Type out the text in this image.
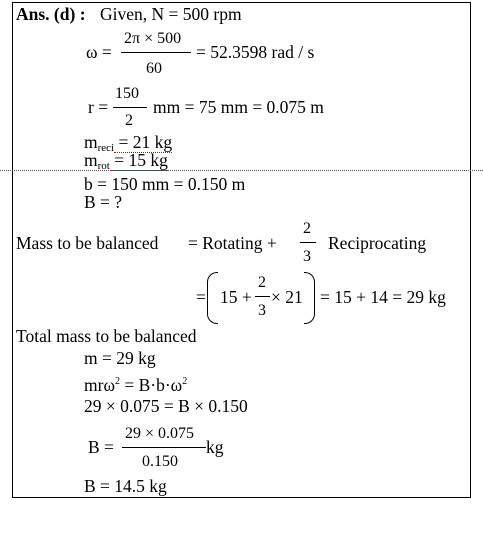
Ans. (d) : Given, N = 500 rpm
ω =
2π × 500
60
= 52.3598 rad / s
r =
150
2
mm = 75 mm = 0.075 m
$m_{reci} = 21$ kg
$m_{rot} = 15$ kg
b = 150 mm = 0.150 m
B = ?
Mass to be balanced = Rotating +
2
3
Reciprocating
= 15 +
2
3
× 21 = 15 + 14 = 29 kg
Total mass to be balanced
m = 29 kg
$mr\omega^2 = B\cdot b\cdot\omega^2$
29 × 0.075 = B × 0.150
B =
29 × 0.075
0.150
kg
B = 14.5 kg
